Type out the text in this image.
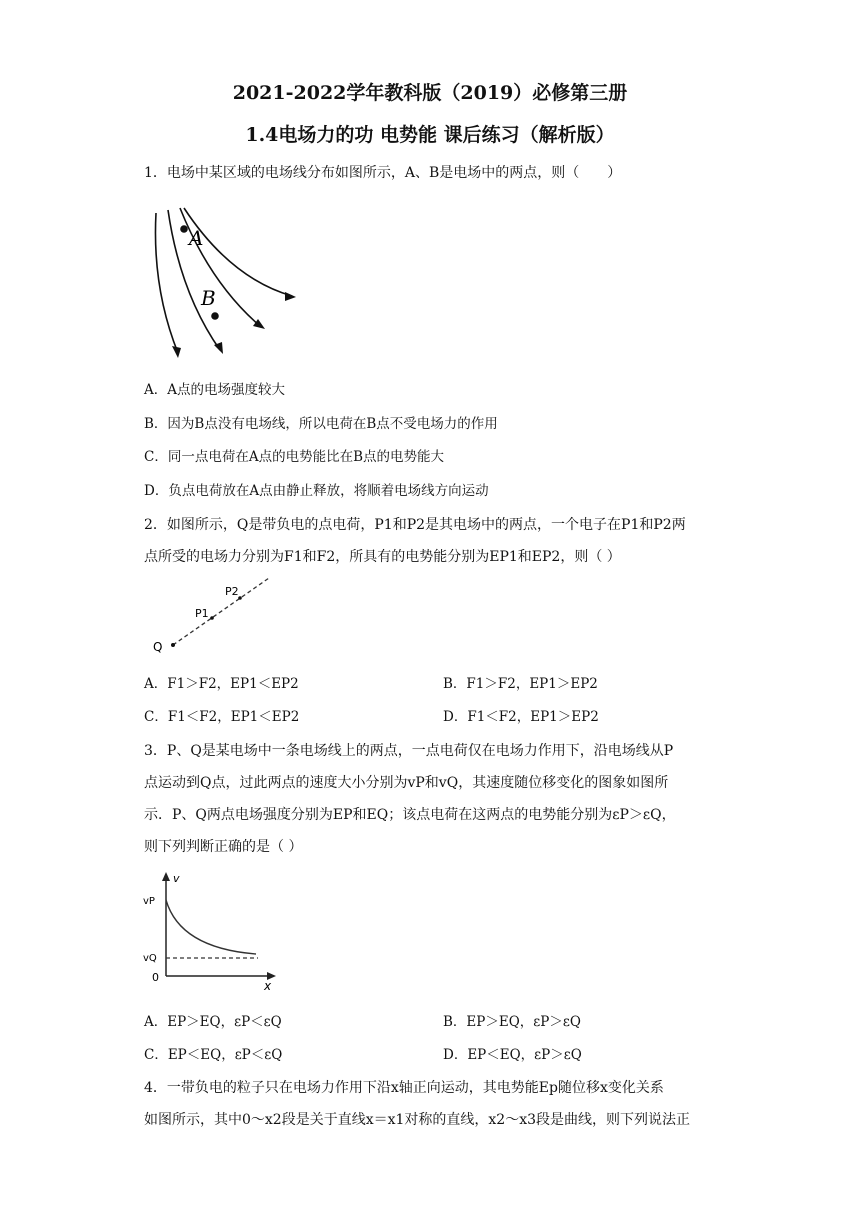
2021-2022学年教科版（2019）必修第三册
1.4电场力的功 电势能 课后练习（解析版）
1．电场中某区域的电场线分布如图所示，A、B是电场中的两点，则（　　）
A
B
A．A点的电场强度较大
B．因为B点没有电场线，所以电荷在B点不受电场力的作用
C．同一点电荷在A点的电势能比在B点的电势能大
D．负点电荷放在A点由静止释放，将顺着电场线方向运动
2．如图所示，Q是带负电的点电荷，P1和P2是其电场中的两点，一个电子在P1和P2两
点所受的电场力分别为F1和F2，所具有的电势能分别为EP1和EP2，则（ ）
Q
P1
P2
A．F1＞F2，EP1＜EP2	B．F1＞F2，EP1＞EP2
C．F1＜F2，EP1＜EP2	D．F1＜F2，EP1＞EP2
3．P、Q是某电场中一条电场线上的两点，一点电荷仅在电场力作用下，沿电场线从P
点运动到Q点，过此两点的速度大小分别为vP和vQ，其速度随位移变化的图象如图所
示．P、Q两点电场强度分别为EP和EQ；该点电荷在这两点的电势能分别为εP＞εQ，
则下列判断正确的是（ ）
v
vP
vQ
0
x
A．EP＞EQ，εP＜εQ	B．EP＞EQ，εP＞εQ
C．EP＜EQ，εP＜εQ	D．EP＜EQ，εP＞εQ
4．一带负电的粒子只在电场力作用下沿x轴正向运动，其电势能Ep随位移x变化关系
如图所示，其中0～x2段是关于直线x＝x1对称的直线，x2～x3段是曲线，则下列说法正
